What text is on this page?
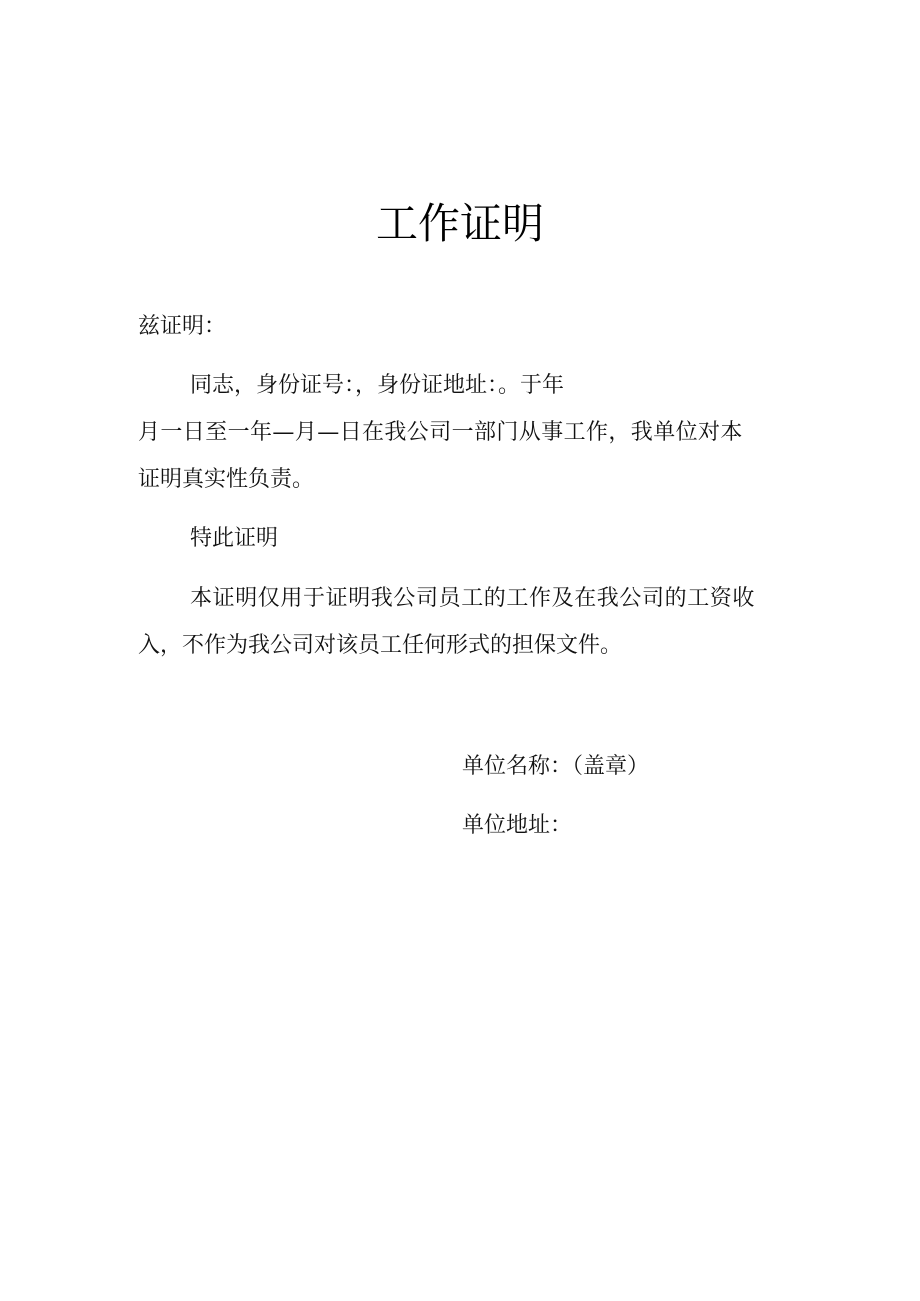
工作证明
兹证明：
同志，身份证号：，身份证地址：。于年
月一日至一年—月—日在我公司一部门从事工作，我单位对本
证明真实性负责。
特此证明
本证明仅用于证明我公司员工的工作及在我公司的工资收
入，不作为我公司对该员工任何形式的担保文件。
单位名称：（盖章）
单位地址：
